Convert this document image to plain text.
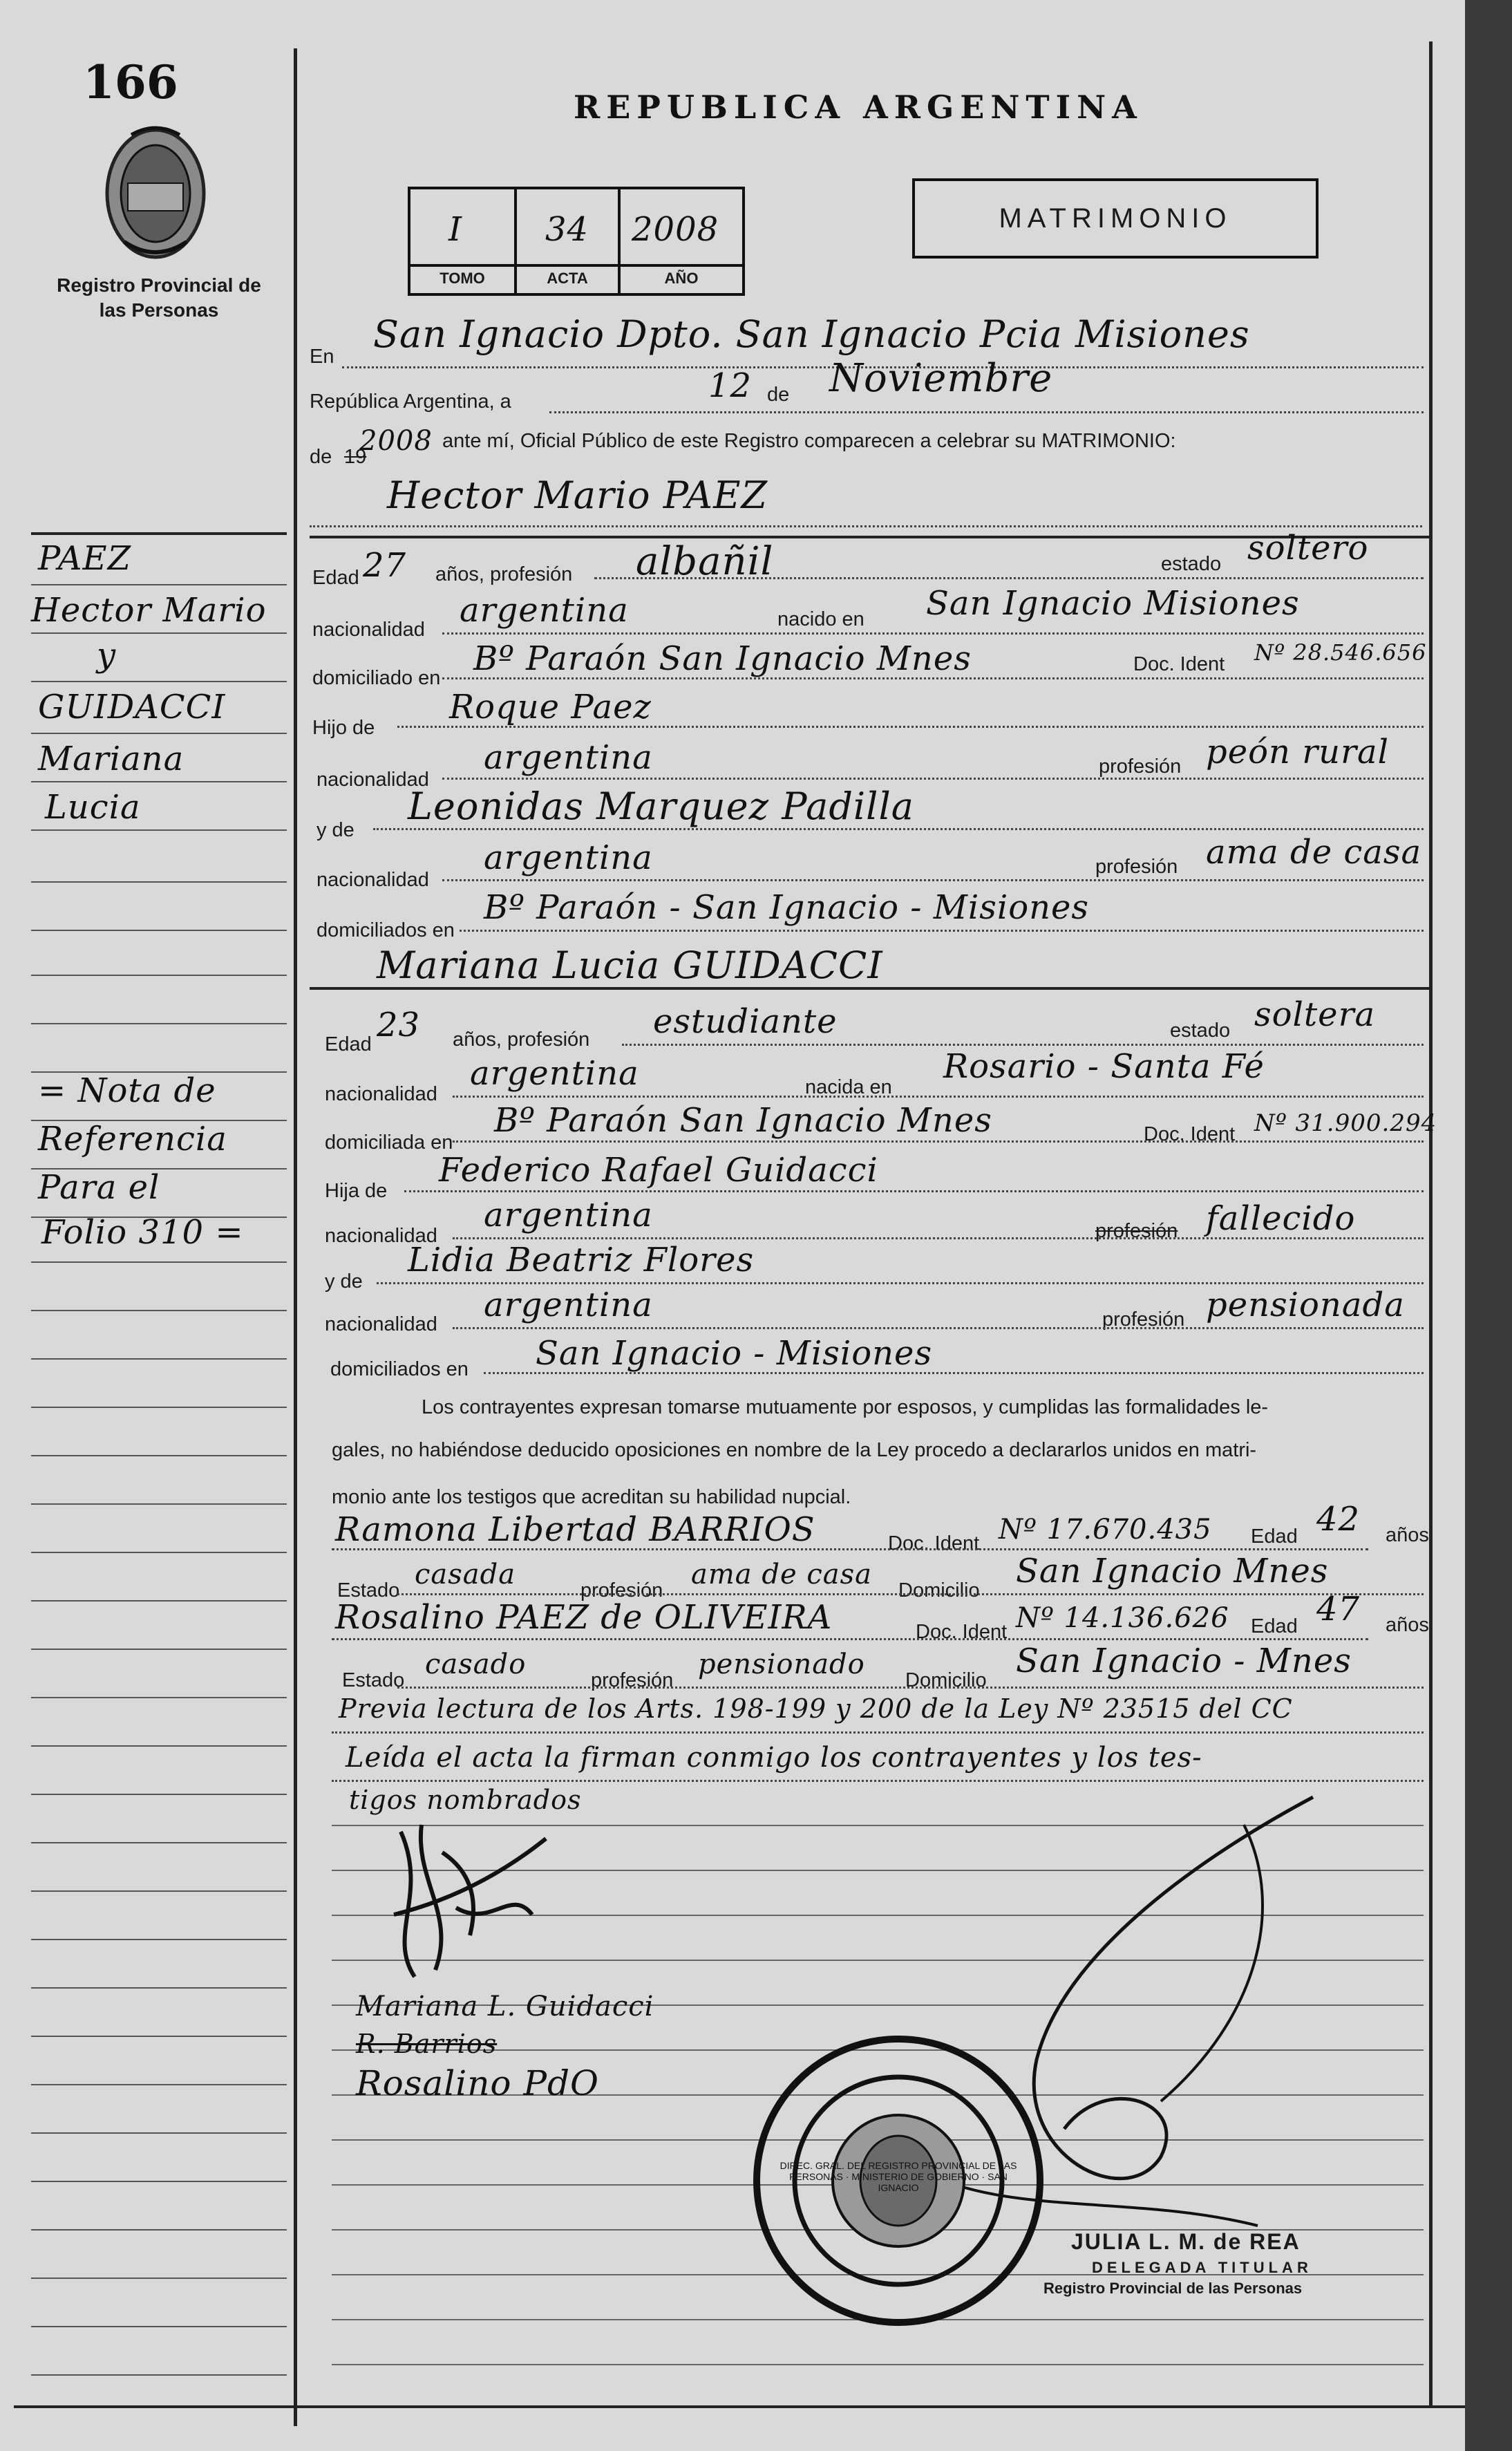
166
Registro Provincial de las Personas
REPUBLICA ARGENTINA
I	34 2008
TOMO	ACTA	AÑO
MATRIMONIO
En
San Ignacio Dpto. San Ignacio Pcia Misiones
República Argentina, a	12 de Noviembre
de 19
2008 ante mí, Oficial Público de este Registro comparecen a celebrar su MATRIMONIO:
Hector Mario PAEZ
Edad 27 años, profesión albañil	estado soltero
nacionalidad argentina	nacido en San Ignacio Misiones
domiciliado en Bº Paraón San Ignacio Mnes	Doc. Ident Nº 28.546.656
Hijo de
Roque Paez
nacionalidad
argentina	profesión peón rural
y de
Leonidas Marquez Padilla
nacionalidad
argentina	profesión ama de casa
domiciliados en
Bº Paraón - San Ignacio - Misiones
Mariana Lucia GUIDACCI
Edad 23 años, profesión estudiante	estado soltera
nacionalidad
argentina	nacida en
Rosario - Santa Fé
domiciliada en
Bº Paraón San Ignacio Mnes	Doc. Ident Nº 31.900.294
Hija de
Federico Rafael Guidacci
nacionalidad
argentina	profesión fallecido
y de
Lidia Beatriz Flores
nacionalidad argentina	profesión pensionada
domiciliados en San Ignacio - Misiones
Los contrayentes expresan tomarse mutuamente por esposos, y cumplidas las formalidades le-
gales, no habiéndose deducido oposiciones en nombre de la Ley procedo a declararlos unidos en matri-
monio ante los testigos que acreditan su habilidad nupcial.
Ramona Libertad BARRIOS	Doc. Ident Nº 17.670.435 Edad 42 años
Estado casada	profesión ama de casa Domicilio San Ignacio Mnes
Rosalino PAEZ de OLIVEIRA	Doc. Ident Nº 14.136.626 Edad 47 años
Estado casado	profesión pensionado Domicilio San Ignacio - Mnes
Previa lectura de los Arts. 198-199 y 200 de la Ley Nº 23515 del CC
Leída el acta la firman conmigo los contrayentes y los tes-
tigos nombrados
Mariana L. Guidacci
R. Barrios
Rosalino PdO
DIREC. GRAL. DEL REGISTRO PROVINCIAL DE LAS PERSONAS · MINISTERIO DE GOBIERNO · SAN IGNACIO
JULIA L. M. de REA
DELEGADA TITULAR
Registro Provincial de las Personas
PAEZ
Hector Mario
y
GUIDACCI
Mariana
Lucia
= Nota de
Referencia
Para el
Folio 310 =
